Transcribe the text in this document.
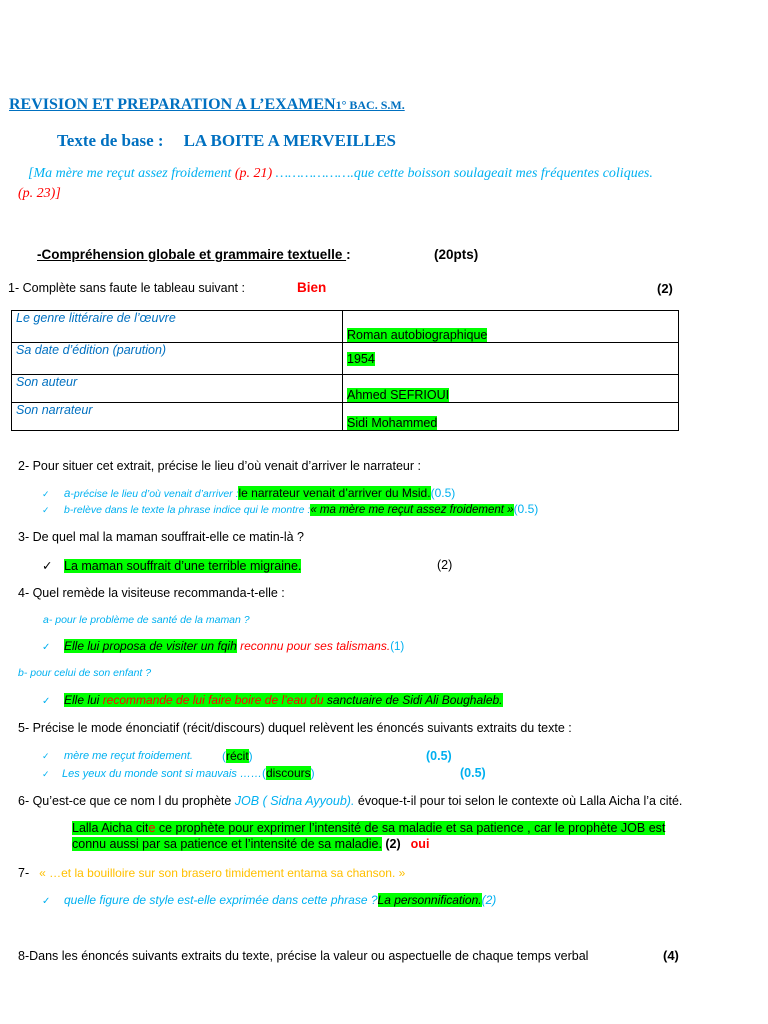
REVISION ET PREPARATION A L’EXAMEN1° BAC. S.M.
Texte de base : LA BOITE A MERVEILLES
[Ma mère me reçut assez froidement (p. 21) ……………….que cette boisson soulageait mes fréquentes coliques.
(p. 23)]
-Compréhension globale et grammaire textuelle :	(20pts)
1- Complète sans faute le tableau suivant :	Bien	(2)
Le genre littéraire de l’œuvre	Roman autobiographique
Sa date d’édition (parution)	1954
Son auteur	Ahmed SEFRIOUI
Son narrateur	Sidi Mohammed
2- Pour situer cet extrait, précise le lieu d’où venait d’arriver le narrateur :
✓ a-précise le lieu d’où venait d’arriver :le narrateur venait d’arriver du Msid.(0.5)
✓ b-relève dans le texte la phrase indice qui le montre :« ma mère me reçut assez froidement »(0.5)
3- De quel mal la maman souffrait-elle ce matin-là ?
✓ La maman souffrait d’une terrible migraine.	(2)
4- Quel remède la visiteuse recommanda-t-elle :
a- pour le problème de santé de la maman ?
✓ Elle lui proposa de visiter un fqih reconnu pour ses talismans.(1)
b- pour celui de son enfant ?
✓ Elle lui recommande de lui faire boire de l’eau du sanctuaire de Sidi Ali Boughaleb.
5- Précise le mode énonciatif (récit/discours) duquel relèvent les énoncés suivants extraits du texte :
✓ mère me reçut froidement. (récit)	(0.5)
✓ Les yeux du monde sont si mauvais ……(discours)	(0.5)
6- Qu’est-ce que ce nom l du prophète JOB ( Sidna Ayyoub). évoque-t-il pour toi selon le contexte où Lalla Aicha l’a cité.
Lalla Aicha cite ce prophète pour exprimer l’intensité de sa maladie et sa patience , car le prophète JOB est
connu aussi par sa patience et l’intensité de sa maladie. (2) oui
7- « …et la bouilloire sur son brasero timidement entama sa chanson. »
✓ quelle figure de style est-elle exprimée dans cette phrase ?La personnification.(2)
8-Dans les énoncés suivants extraits du texte, précise la valeur ou aspectuelle de chaque temps verbal	(4)
